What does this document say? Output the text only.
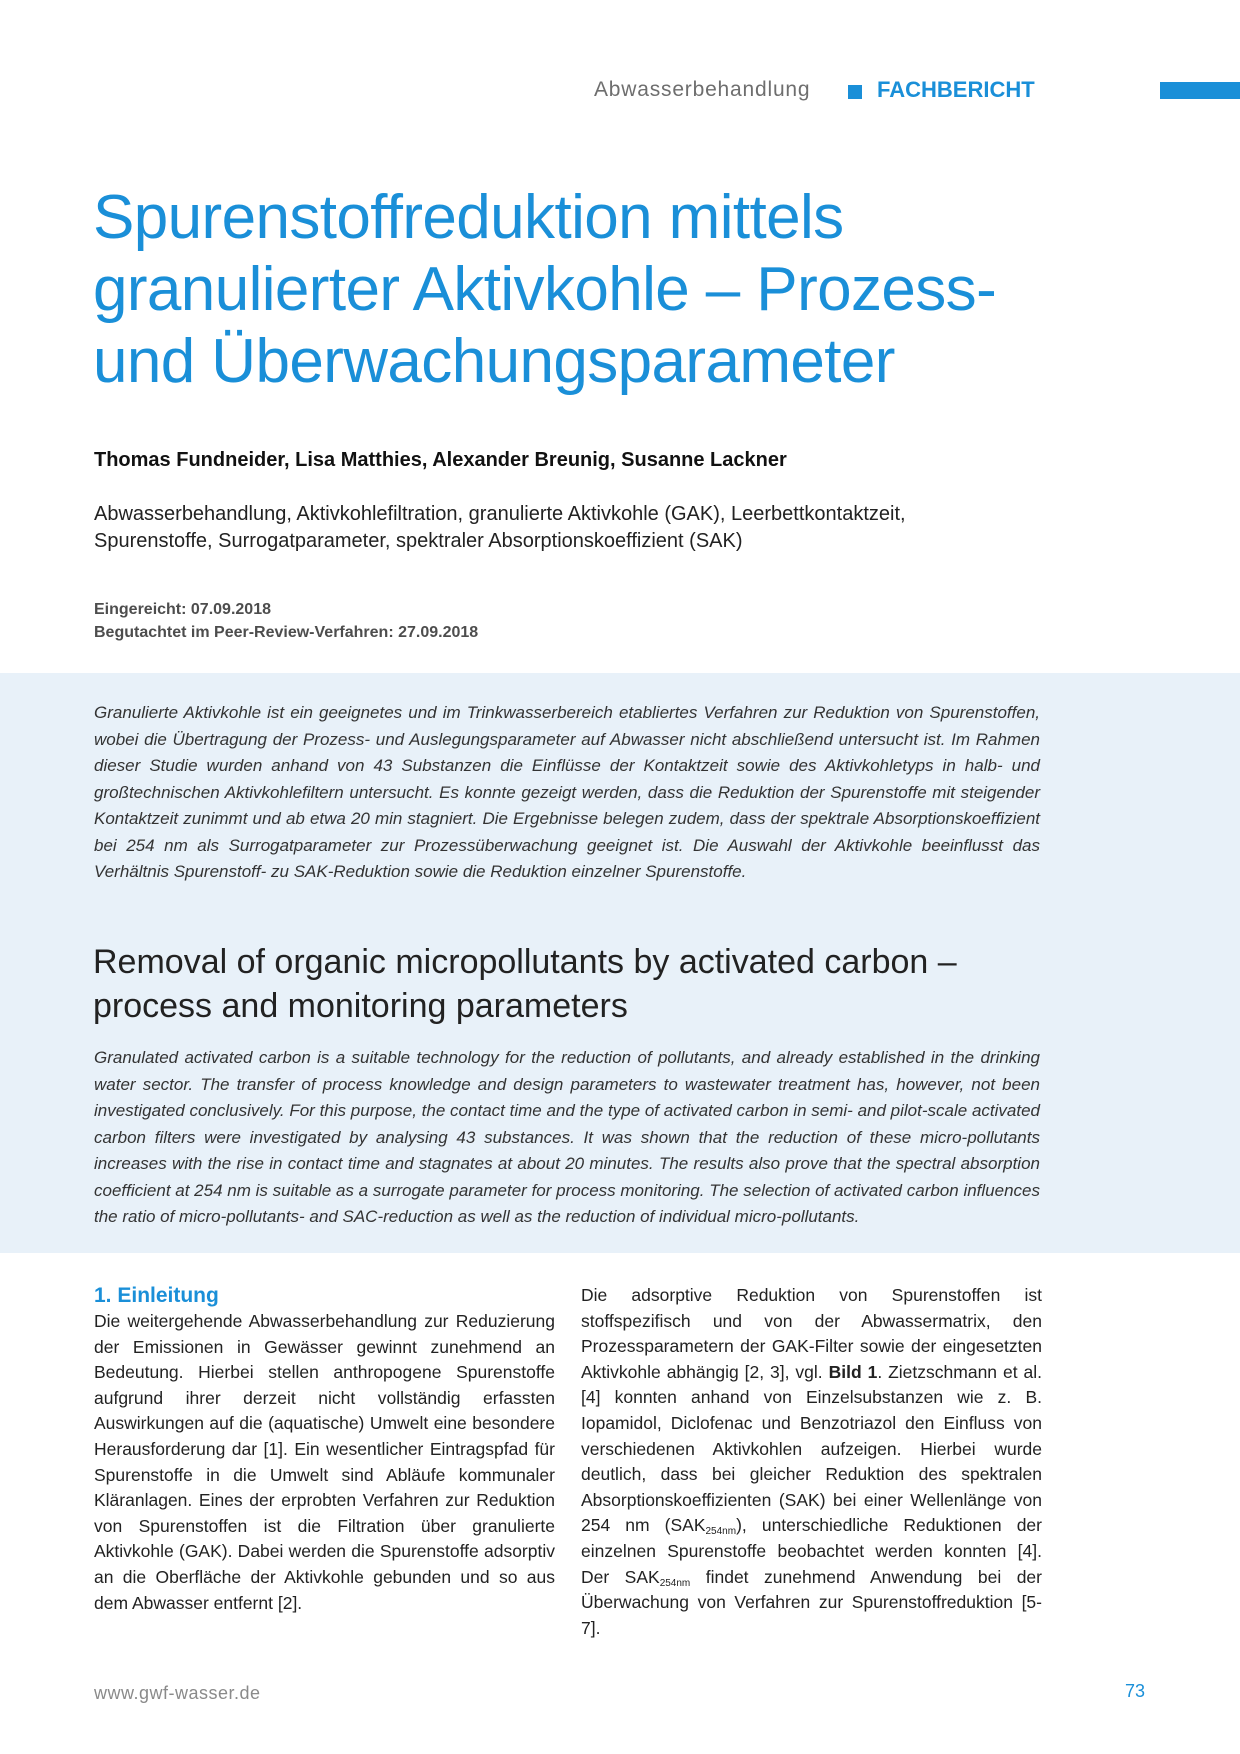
Abwasserbehandlung	FACHBERICHT
Spurenstoffreduktion mittels
granulierter Aktivkohle – Prozess-
und Überwachungsparameter
Thomas Fundneider, Lisa Matthies, Alexander Breunig, Susanne Lackner
Abwasserbehandlung, Aktivkohlefiltration, granulierte Aktivkohle (GAK), Leerbettkontaktzeit,
Spurenstoffe, Surrogatparameter, spektraler Absorptionskoeffizient (SAK)
Eingereicht: 07.09.2018
Begutachtet im Peer-Review-Verfahren: 27.09.2018

Granulierte Aktivkohle ist ein geeignetes und im Trinkwasserbereich etabliertes Verfahren zur Reduktion von Spurenstoffen, wobei die Übertragung der Prozess- und Auslegungsparameter auf Abwasser nicht abschließend untersucht ist. Im Rahmen dieser Studie wurden anhand von 43 Substanzen die Einflüsse der Kontaktzeit sowie des Aktivkohletyps in halb- und großtechnischen Aktivkohlefiltern untersucht. Es konnte gezeigt werden, dass die Reduktion der Spurenstoffe mit steigender Kontaktzeit zunimmt und ab etwa 20 min stagniert. Die Ergebnisse belegen zudem, dass der spektrale Absorptionskoeffizient bei 254 nm als Surrogatparameter zur Prozessüberwachung geeignet ist. Die Auswahl der Aktivkohle beeinflusst das Verhältnis Spurenstoff- zu SAK-Reduktion sowie die Reduktion einzelner Spurenstoffe.

Removal of organic micropollutants by activated carbon –
process and monitoring parameters

Granulated activated carbon is a suitable technology for the reduction of pollutants, and already established in the drinking water sector. The transfer of process knowledge and design parameters to wastewater treatment has, however, not been investigated conclusively. For this purpose, the contact time and the type of activated carbon in semi- and pilot-scale activated carbon filters were investigated by analysing 43 substances. It was shown that the reduction of these micro-pollutants increases with the rise in contact time and stagnates at about 20 minutes. The results also prove that the spectral absorption coefficient at 254 nm is suitable as a surrogate parameter for process monitoring. The selection of activated carbon influences the ratio of micro-pollutants- and SAC-reduction as well as the reduction of individual micro-pollutants.

1. Einleitung

Die weitergehende Abwasserbehandlung zur Reduzierung der Emissionen in Gewässer gewinnt zunehmend an Bedeutung. Hierbei stellen anthropogene Spurenstoffe aufgrund ihrer derzeit nicht vollständig erfassten Auswirkungen auf die (aquatische) Umwelt eine besondere Herausforderung dar [1]. Ein wesentlicher Eintragspfad für Spurenstoffe in die Umwelt sind Abläufe kommunaler Kläranlagen. Eines der erprobten Verfahren zur Reduktion von Spurenstoffen ist die Filtration über granulierte Aktivkohle (GAK). Dabei werden die Spurenstoffe adsorptiv an die Oberfläche der Aktivkohle gebunden und so aus dem Abwasser entfernt [2].

Die adsorptive Reduktion von Spurenstoffen ist stoffspezifisch und von der Abwassermatrix, den Prozessparametern der GAK-Filter sowie der eingesetzten Aktivkohle abhängig [2, 3], vgl. Bild 1. Zietzschmann et al. [4] konnten anhand von Einzelsubstanzen wie z. B. Iopamidol, Diclofenac und Benzotriazol den Einfluss von verschiedenen Aktivkohlen aufzeigen. Hierbei wurde deutlich, dass bei gleicher Reduktion des spektralen Absorptionskoeffizienten (SAK) bei einer Wellenlänge von 254 nm $(SAK_{254nm})$, unterschiedliche Reduktionen der einzelnen Spurenstoffe beobachtet werden konnten [4]. Der $SAK_{254nm}$ findet zunehmend Anwendung bei der Überwachung von Verfahren zur Spurenstoffreduktion [5-7].

www.gwf-wasser.de	73
